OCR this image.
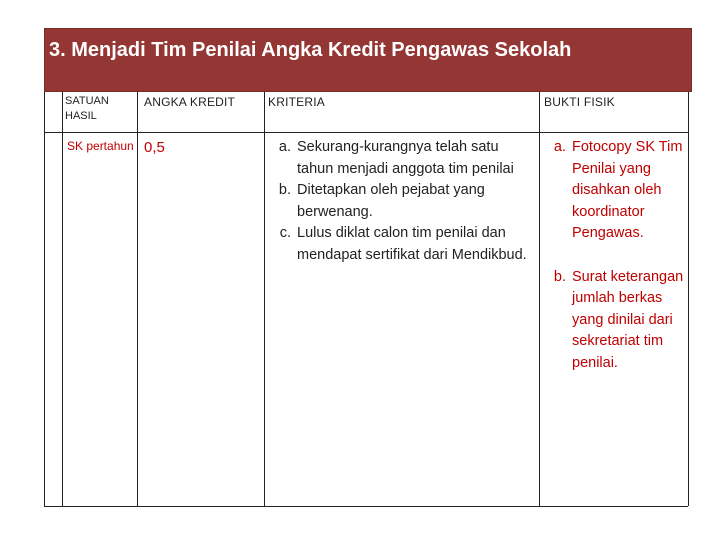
3. Menjadi Tim Penilai Angka Kredit Pengawas Sekolah
SATUAN HASIL
ANGKA KREDIT	KRITERIA	BUKTI FISIK
SK pertahun 0,5
a.	Sekurang-kurangnya telah satu tahun menjadi anggota tim penilai
b. Ditetapkan oleh pejabat yang berwenang.
c. Lulus diklat calon tim penilai dan mendapat sertifikat dari Mendikbud.
a. Fotocopy SK Tim Penilai yang disahkan oleh koordinator Pengawas.
b. Surat keterangan jumlah berkas yang dinilai dari sekretariat tim penilai.
